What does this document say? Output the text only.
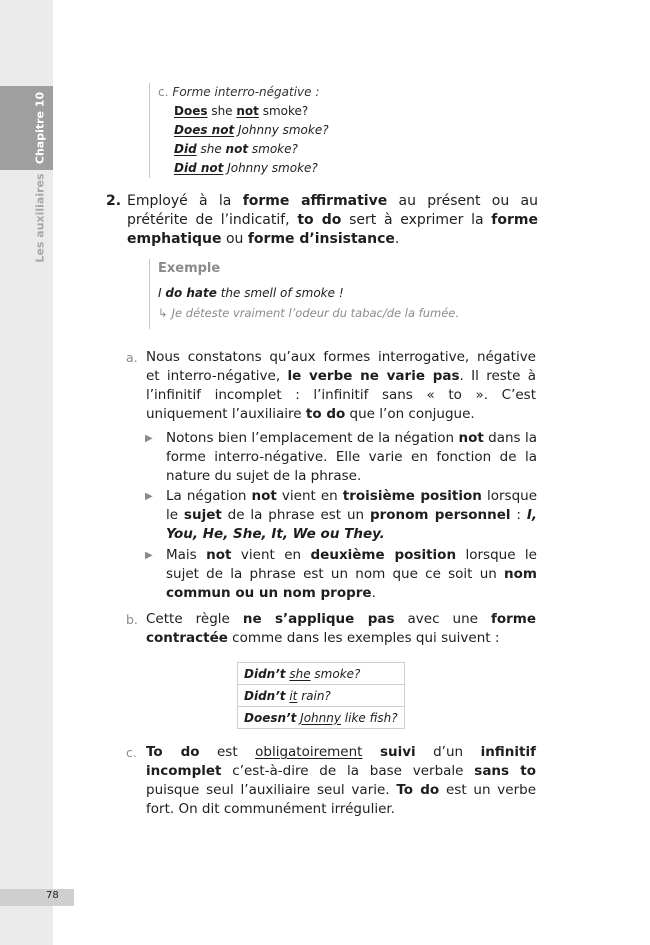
Chapitre 10
Les auxiliaires
78
c. Forme interro-négative :
Does she not smoke?
Does not Johnny smoke?
Did she not smoke?
Did not Johnny smoke?
2. Employé à la forme affirmative au présent ou au prétérite de l’indicatif, to do sert à exprimer la forme emphatique ou forme d’insistance.
Exemple
I do hate the smell of smoke !
↳ Je déteste vraiment l’odeur du tabac/de la fumée.
a. Nous constatons qu’aux formes interrogative, négative et interro-négative, le verbe ne varie pas. Il reste à l’infinitif incomplet : l’infinitif sans « to ». C’est uniquement l’auxiliaire to do que l’on conjugue.
▶ Notons bien l’emplacement de la négation not dans la forme interro-négative. Elle varie en fonction de la nature du sujet de la phrase.
▶ La négation not vient en troisième position lorsque le sujet de la phrase est un pronom personnel : I, You, He, She, It, We ou They.
▶ Mais not vient en deuxième position lorsque le sujet de la phrase est un nom que ce soit un nom commun ou un nom propre.
b. Cette règle ne s’applique pas avec une forme contractée comme dans les exemples qui suivent :
Didn’t she smoke?
Didn’t it rain?
Doesn’t Johnny like fish?
c. To do est obligatoirement suivi d’un infinitif incomplet c’est-à-dire de la base verbale sans to puisque seul l’auxiliaire seul varie. To do est un verbe fort. On dit communément irrégulier.
